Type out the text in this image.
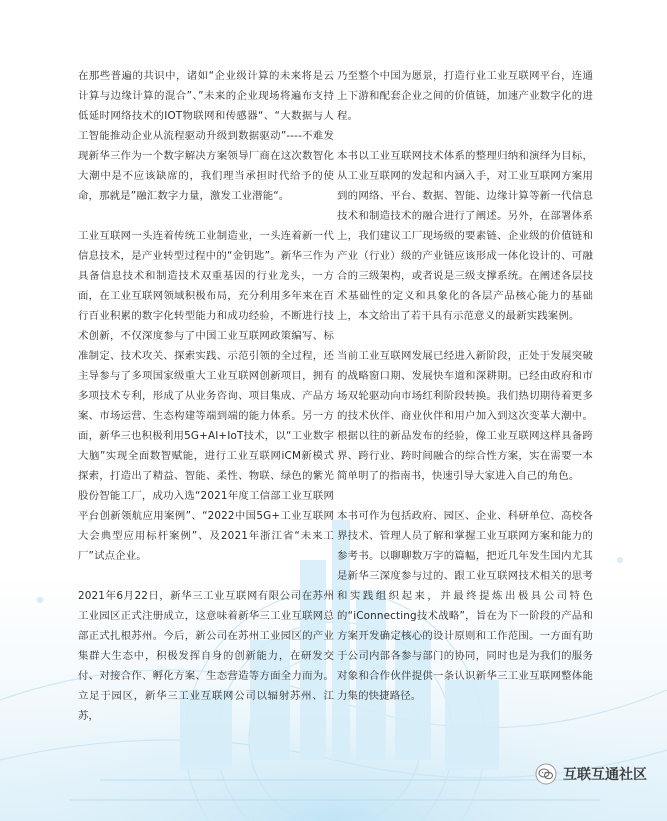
在那些普遍的共识中，诸如“企业级计算的未来将是云计算与边缘计算的混合”、”未来的企业现场将遍布支持低延时网络技术的IOT物联网和传感器“、“大数据与人工智能推动企业从流程驱动升级到数据驱动”----不难发现新华三作为一个数字解决方案领导厂商在这次数智化大潮中是不应该缺席的，我们理当承担时代给予的使命，那就是”融汇数字力量，激发工业潜能“。

工业互联网一头连着传统工业制造业，一头连着新一代信息技术，是产业转型过程中的“金钥匙”。新华三作为具备信息技术和制造技术双重基因的行业龙头，一方面，在工业互联网领域积极布局，充分利用多年来在百行百业积累的数字化转型能力和成功经验，不断进行技术创新，不仅深度参与了中国工业互联网政策编写、标准制定、技术攻关、探索实践、示范引领的全过程，还主导参与了多项国家级重大工业互联网创新项目，拥有多项技术专利，形成了从业务咨询、项目集成、产品方案、市场运营、生态构建等端到端的能力体系。另一方面，新华三也积极利用5G+AI+IoT技术，以“工业数字大脑”实现全面数智赋能，进行工业互联网iCM新模式探索，打造出了精益、智能、柔性、物联、绿色的紫光股份智能工厂，成功入选“2021年度工信部工业互联网平台创新领航应用案例”、“2022中国5G+工业互联网大会典型应用标杆案例”、及2021年浙江省“未来工厂”试点企业。

2021年6月22日，新华三工业互联网有限公司在苏州工业园区正式注册成立，这意味着新华三工业互联网总部正式扎根苏州。今后，新公司在苏州工业园区的产业集群大生态中，积极发挥自身的创新能力，在研发交付、对接合作、孵化方案、生态营造等方面全力而为。立足于园区，新华三工业互联网公司以辐射苏州、江苏，

乃至整个中国为愿景，打造行业工业互联网平台，连通上下游和配套企业之间的价值链，加速产业数字化的进程。

本书以工业互联网技术体系的整理归纳和演绎为目标，从工业互联网的发起和内涵入手，对工业互联网方案用到的网络、平台、数据、智能、边缘计算等新一代信息技术和制造技术的融合进行了阐述。另外，在部署体系上，我们建议工厂现场级的要素链、企业级的价值链和产业（行业）级的产业链应该形成一体化设计的、可融合的三级架构，或者说是三级支撑系统。在阐述各层技术基础性的定义和具象化的各层产品核心能力的基础上，本文给出了若干具有示范意义的最新实践案例。

当前工业互联网发展已经进入新阶段，正处于发展突破的战略窗口期、发展快车道和深耕期。已经由政府和市场双轮驱动向市场红利阶段转换。我们热切期待着更多的技术伙伴、商业伙伴和用户加入到这次变革大潮中。根据以往的新品发布的经验，像工业互联网这样具备跨界、跨行业、跨时间融合的综合性方案，实在需要一本简单明了的指南书，快速引导大家进入自己的角色。

本书可作为包括政府、园区、企业、科研单位、高校各界技术、管理人员了解和掌握工业互联网方案和能力的参考书。以聊聊数万字的篇幅，把近几年发生国内尤其是新华三深度参与过的、跟工业互联网技术相关的思考和实践组织起来，并最终提炼出极具公司特色的“iConnecting技术战略”，旨在为下一阶段的产品和方案开发确定核心的设计原则和工作范围。一方面有助于公司内部各参与部门的协同，同时也是为我们的服务对象和合作伙伴提供一条认识新华三工业互联网整体能力集的快捷路径。

互联互通社区
